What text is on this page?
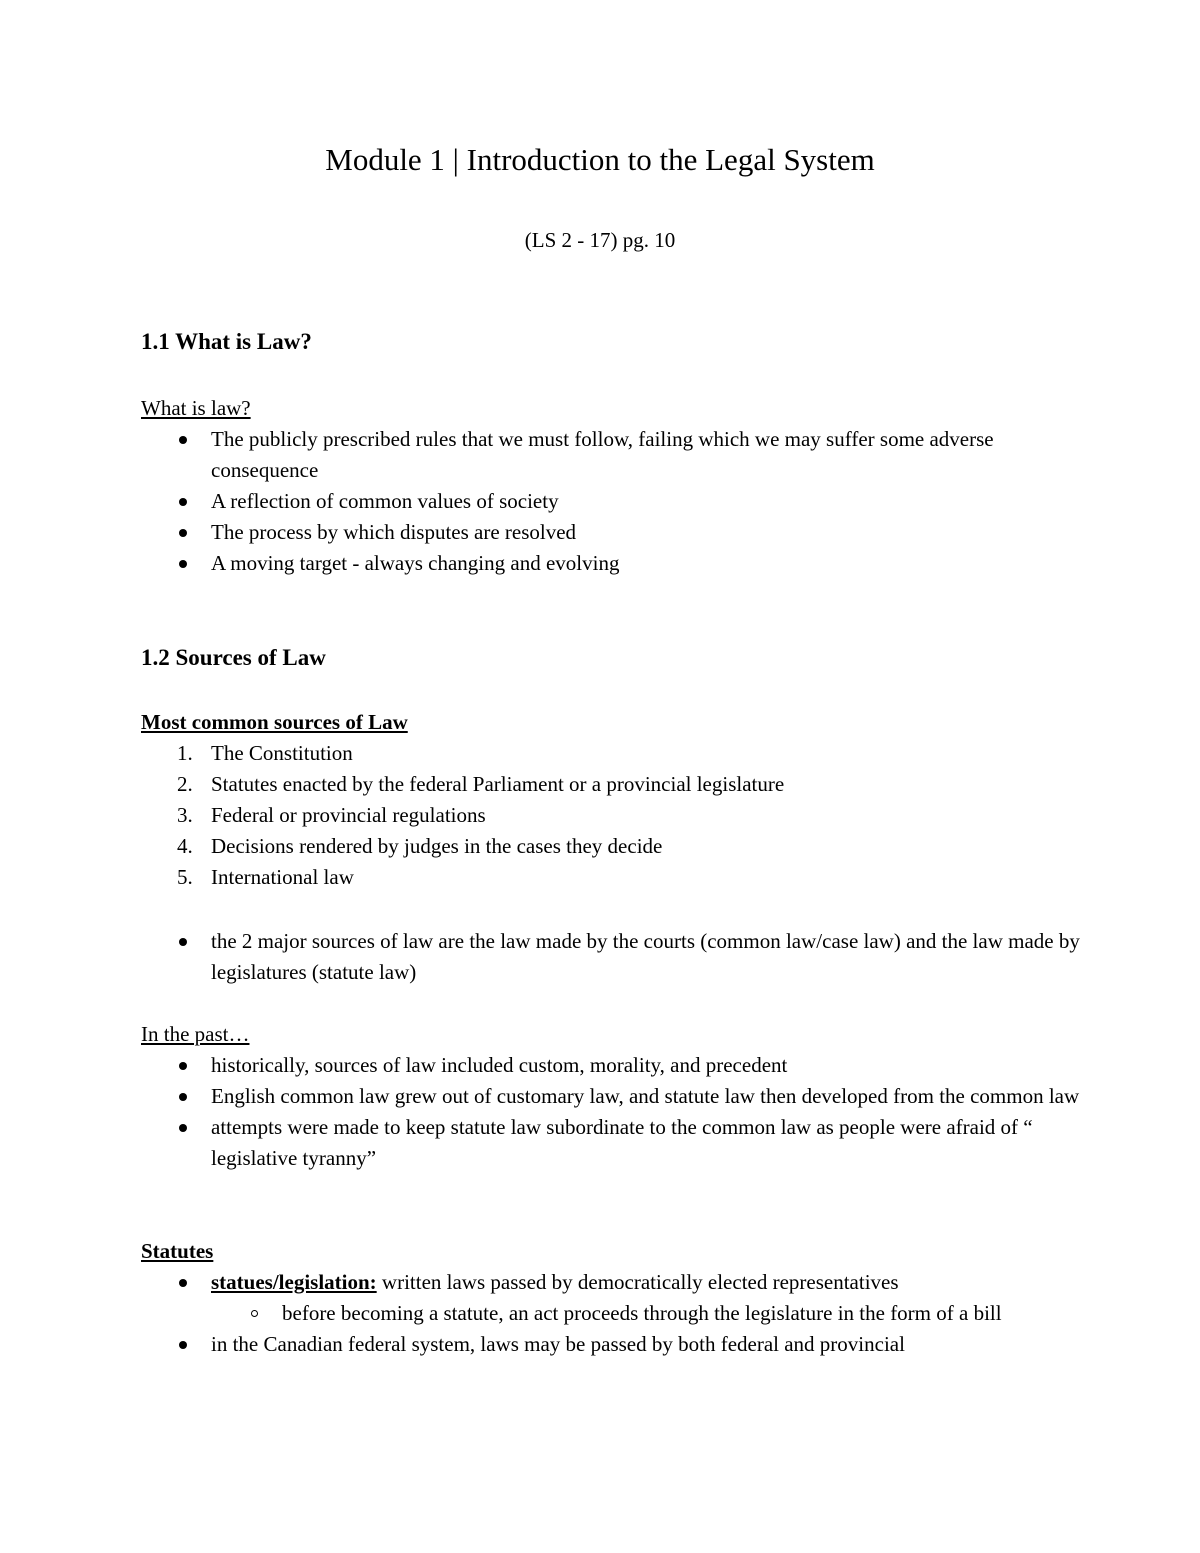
Module 1 | Introduction to the Legal System
(LS 2 - 17) pg. 10

1.1 What is Law?

What is law?

The publicly prescribed rules that we must follow, failing which we may suffer some adverse consequence
A reflection of common values of society
The process by which disputes are resolved
A moving target - always changing and evolving

1.2 Sources of Law

Most common sources of Law

1. The Constitution
2. Statutes enacted by the federal Parliament or a provincial legislature
3. Federal or provincial regulations
4. Decisions rendered by judges in the cases they decide
5. International law
the 2 major sources of law are the law made by the courts (common law/case law) and the law made by legislatures (statute law)

In the past…

historically, sources of law included custom, morality, and precedent
English common law grew out of customary law, and statute law then developed from the common law
attempts were made to keep statute law subordinate to the common law as people were afraid of “ legislative tyranny”

Statutes

statues/legislation: written laws passed by democratically elected representatives
before becoming a statute, an act proceeds through the legislature in the form of a bill
in the Canadian federal system, laws may be passed by both federal and provincial
